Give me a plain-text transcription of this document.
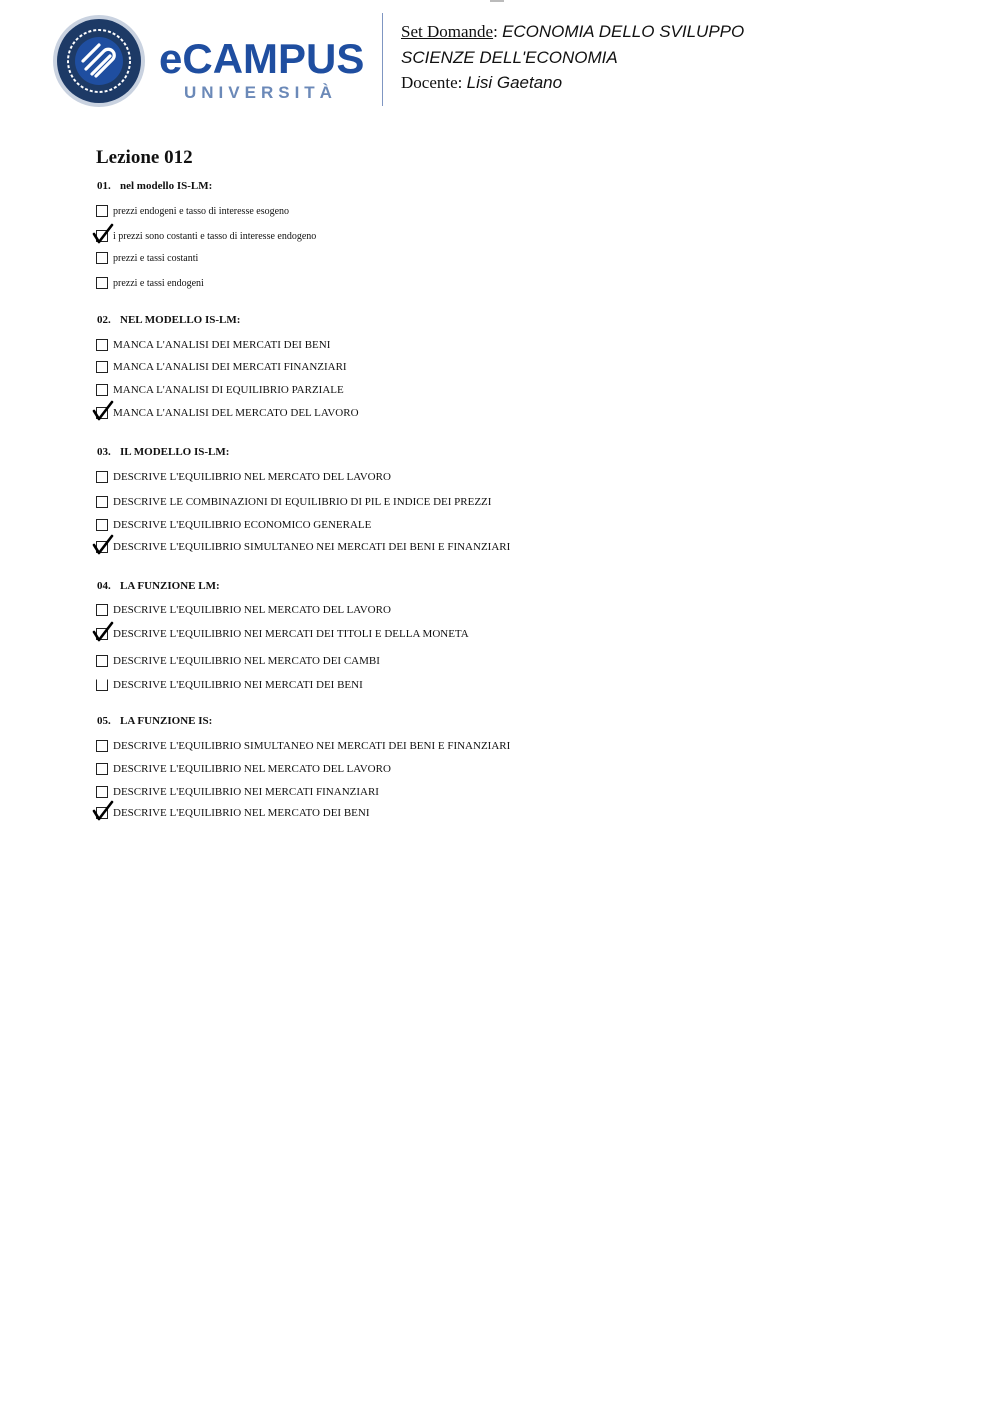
eCAMPUS
UNIVERSITÀ
Set Domande: ECONOMIA DELLO SVILUPPO
SCIENZE DELL'ECONOMIA
Docente: Lisi Gaetano
Lezione 012
01. nel modello IS-LM:
prezzi endogeni e tasso di interesse esogeno
i prezzi sono costanti e tasso di interesse endogeno
prezzi e tassi costanti
prezzi e tassi endogeni
02. NEL MODELLO IS-LM:
MANCA L'ANALISI DEI MERCATI DEI BENI
MANCA L'ANALISI DEI MERCATI FINANZIARI
MANCA L'ANALISI DI EQUILIBRIO PARZIALE
MANCA L'ANALISI DEL MERCATO DEL LAVORO
03. IL MODELLO IS-LM:
DESCRIVE L'EQUILIBRIO NEL MERCATO DEL LAVORO
DESCRIVE LE COMBINAZIONI DI EQUILIBRIO DI PIL E INDICE DEI PREZZI
DESCRIVE L'EQUILIBRIO ECONOMICO GENERALE
DESCRIVE L'EQUILIBRIO SIMULTANEO NEI MERCATI DEI BENI E FINANZIARI
04. LA FUNZIONE LM:
DESCRIVE L'EQUILIBRIO NEL MERCATO DEL LAVORO
DESCRIVE L'EQUILIBRIO NEI MERCATI DEI TITOLI E DELLA MONETA
DESCRIVE L'EQUILIBRIO NEL MERCATO DEI CAMBI
DESCRIVE L'EQUILIBRIO NEI MERCATI DEI BENI
05. LA FUNZIONE IS:
DESCRIVE L'EQUILIBRIO SIMULTANEO NEI MERCATI DEI BENI E FINANZIARI
DESCRIVE L'EQUILIBRIO NEL MERCATO DEL LAVORO
DESCRIVE L'EQUILIBRIO NEI MERCATI FINANZIARI
DESCRIVE L'EQUILIBRIO NEL MERCATO DEI BENI
